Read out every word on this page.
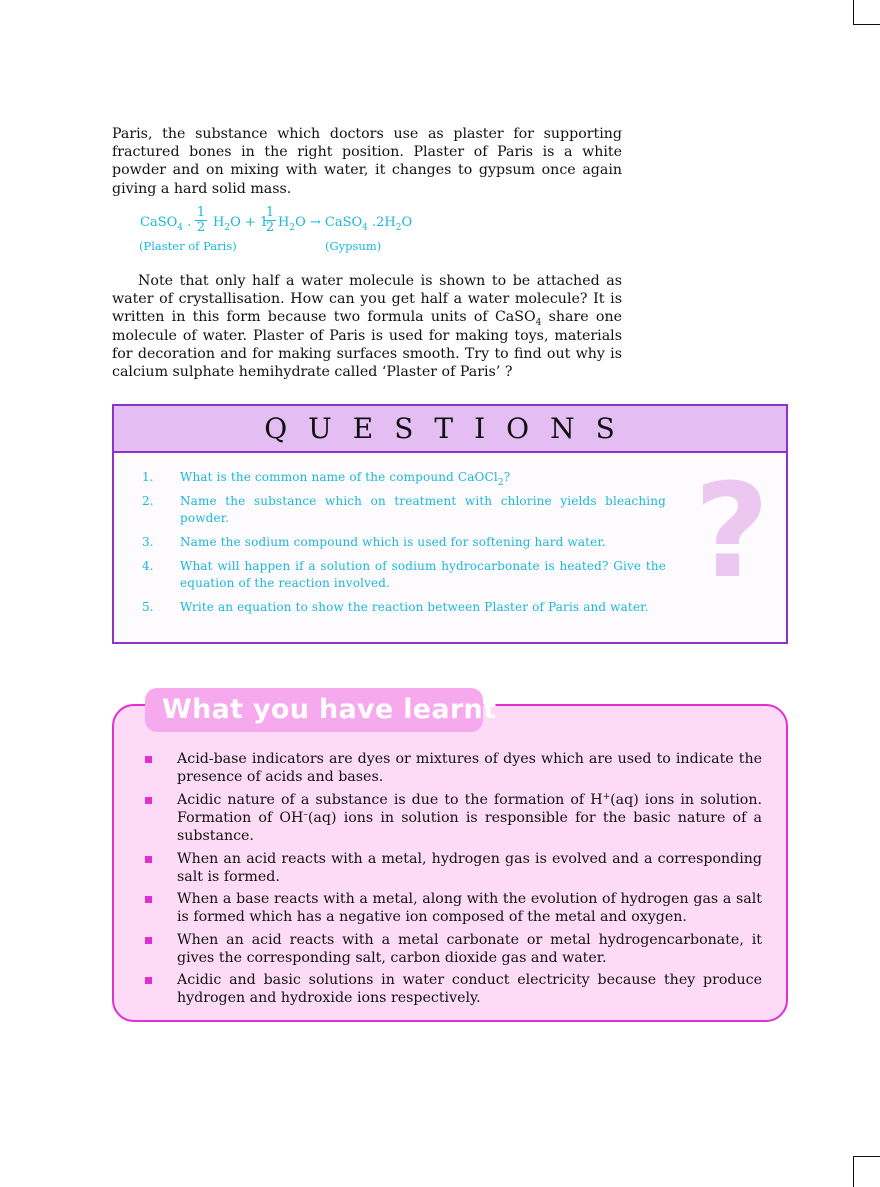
Paris, the substance which doctors use as plaster for supporting fractured bones in the right position. Plaster of Paris is a white powder and on mixing with water, it changes to gypsum once again giving a hard solid mass.

CaSO$_4$ . $\frac{1}{2} H_2O + 1$
$\frac{1}{2} H_2O$ → CaSO$_4$ $.2H_2O$
(Plaster of Paris)	(Gypsum)

Note that only half a water molecule is shown to be attached as water of crystallisation. How can you get half a water molecule? It is written in this form because two formula units of CaSO$_4$ share one molecule of water. Plaster of Paris is used for making toys, materials for decoration and for making surfaces smooth. Try to find out why is calcium sulphate hemihydrate called ‘Plaster of Paris’ ?

QUESTIONS
?
1.	What is the common name of the compound CaOCl$_2$?
2.	Name the substance which on treatment with chlorine yields bleaching powder.
3.	Name the sodium compound which is used for softening hard water.
4.	What will happen if a solution of sodium hydrocarbonate is heated? Give the equation of the reaction involved.
5.	Write an equation to show the reaction between Plaster of Paris and water.
What you have learnt
Acid-base indicators are dyes or mixtures of dyes which are used to indicate the presence of acids and bases.
Acidic nature of a substance is due to the formation of H+(aq) ions in solution. Formation of OH–(aq) ions in solution is responsible for the basic nature of a substance.
When an acid reacts with a metal, hydrogen gas is evolved and a corresponding salt is formed.
When a base reacts with a metal, along with the evolution of hydrogen gas a salt is formed which has a negative ion composed of the metal and oxygen.
When an acid reacts with a metal carbonate or metal hydrogencarbonate, it gives the corresponding salt, carbon dioxide gas and water.
Acidic and basic solutions in water conduct electricity because they produce hydrogen and hydroxide ions respectively.
